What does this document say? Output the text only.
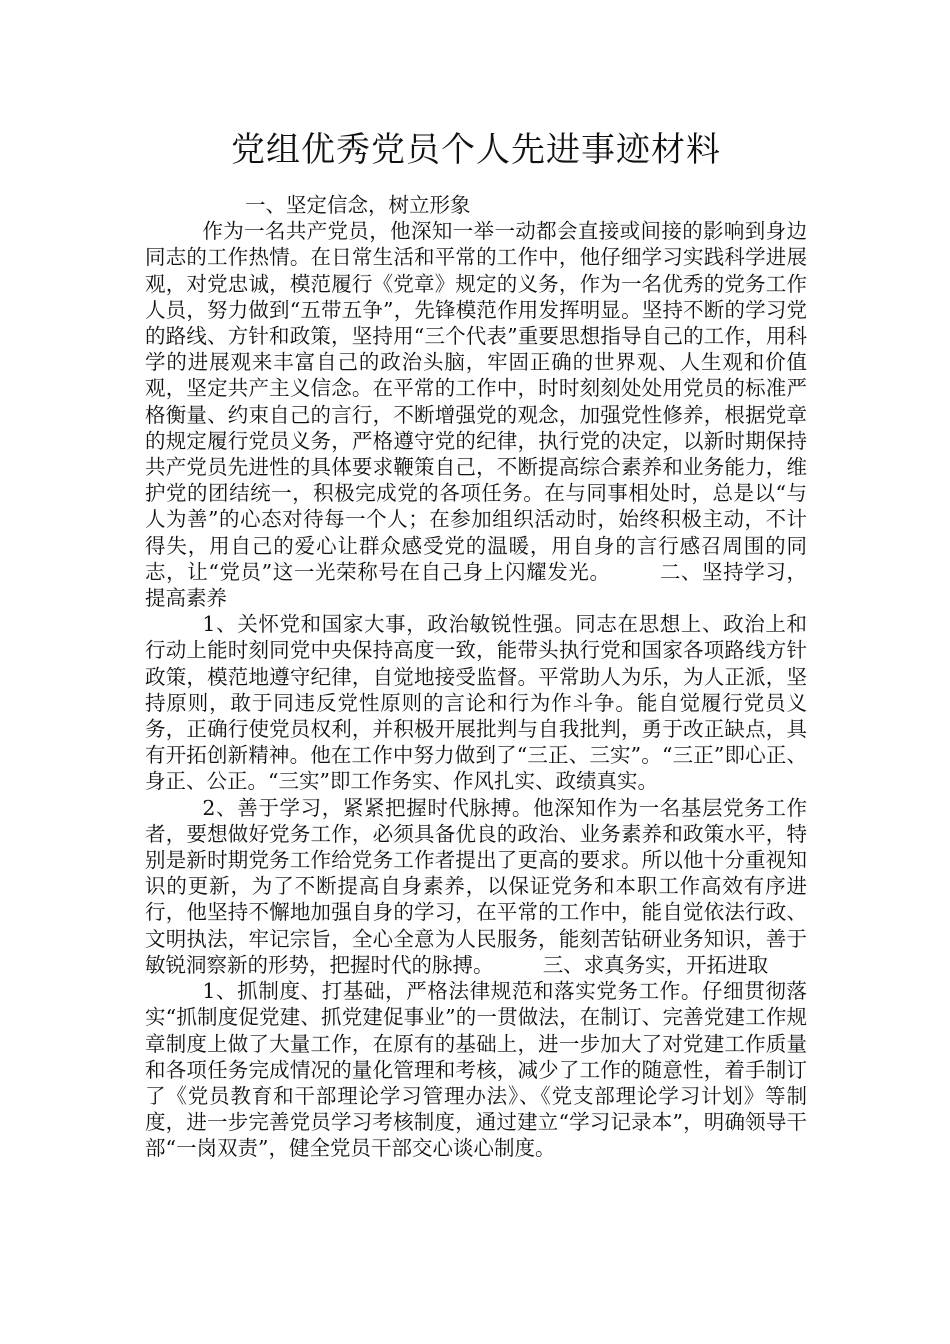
党组优秀党员个人先进事迹材料

一、坚定信念，树立形象

作为一名共产党员，他深知一举一动都会直接或间接的影响到身边同志的工作热情。在日常生活和平常的工作中，他仔细学习实践科学进展观，对党忠诚，模范履行《党章》规定的义务，作为一名优秀的党务工作人员，努力做到“五带五争”，先锋模范作用发挥明显。坚持不断的学习党的路线、方针和政策，坚持用“三个代表”重要思想指导自己的工作，用科学的进展观来丰富自己的政治头脑，牢固正确的世界观、人生观和价值观，坚定共产主义信念。在平常的工作中，时时刻刻处处用党员的标准严格衡量、约束自己的言行，不断增强党的观念，加强党性修养，根据党章的规定履行党员义务，严格遵守党的纪律，执行党的决定，以新时期保持共产党员先进性的具体要求鞭策自己，不断提高综合素养和业务能力，维护党的团结统一，积极完成党的各项任务。在与同事相处时，总是以“与人为善”的心态对待每一个人；在参加组织活动时，始终积极主动，不计得失，用自己的爱心让群众感受党的温暖，用自身的言行感召周围的同志，让“党员”这一光荣称号在自己身上闪耀发光。 二、坚持学习，提高素养

1、关怀党和国家大事，政治敏锐性强。同志在思想上、政治上和行动上能时刻同党中央保持高度一致，能带头执行党和国家各项路线方针政策，模范地遵守纪律，自觉地接受监督。平常助人为乐，为人正派，坚持原则，敢于同违反党性原则的言论和行为作斗争。能自觉履行党员义务，正确行使党员权利，并积极开展批判与自我批判，勇于改正缺点，具有开拓创新精神。他在工作中努力做到了“三正、三实”。“三正”即心正、身正、公正。“三实”即工作务实、作风扎实、政绩真实。

2、善于学习，紧紧把握时代脉搏。他深知作为一名基层党务工作者，要想做好党务工作，必须具备优良的政治、业务素养和政策水平，特别是新时期党务工作给党务工作者提出了更高的要求。所以他十分重视知识的更新，为了不断提高自身素养，以保证党务和本职工作高效有序进行，他坚持不懈地加强自身的学习，在平常的工作中，能自觉依法行政、文明执法，牢记宗旨，全心全意为人民服务，能刻苦钻研业务知识，善于敏锐洞察新的形势，把握时代的脉搏。 三、求真务实，开拓进取

1、抓制度、打基础，严格法律规范和落实党务工作。仔细贯彻落实“抓制度促党建、抓党建促事业”的一贯做法，在制订、完善党建工作规章制度上做了大量工作，在原有的基础上，进一步加大了对党建工作质量和各项任务完成情况的量化管理和考核，减少了工作的随意性，着手制订了《党员教育和干部理论学习管理办法》、《党支部理论学习计划》等制度，进一步完善党员学习考核制度，通过建立“学习记录本”，明确领导干部“一岗双责”，健全党员干部交心谈心制度。
